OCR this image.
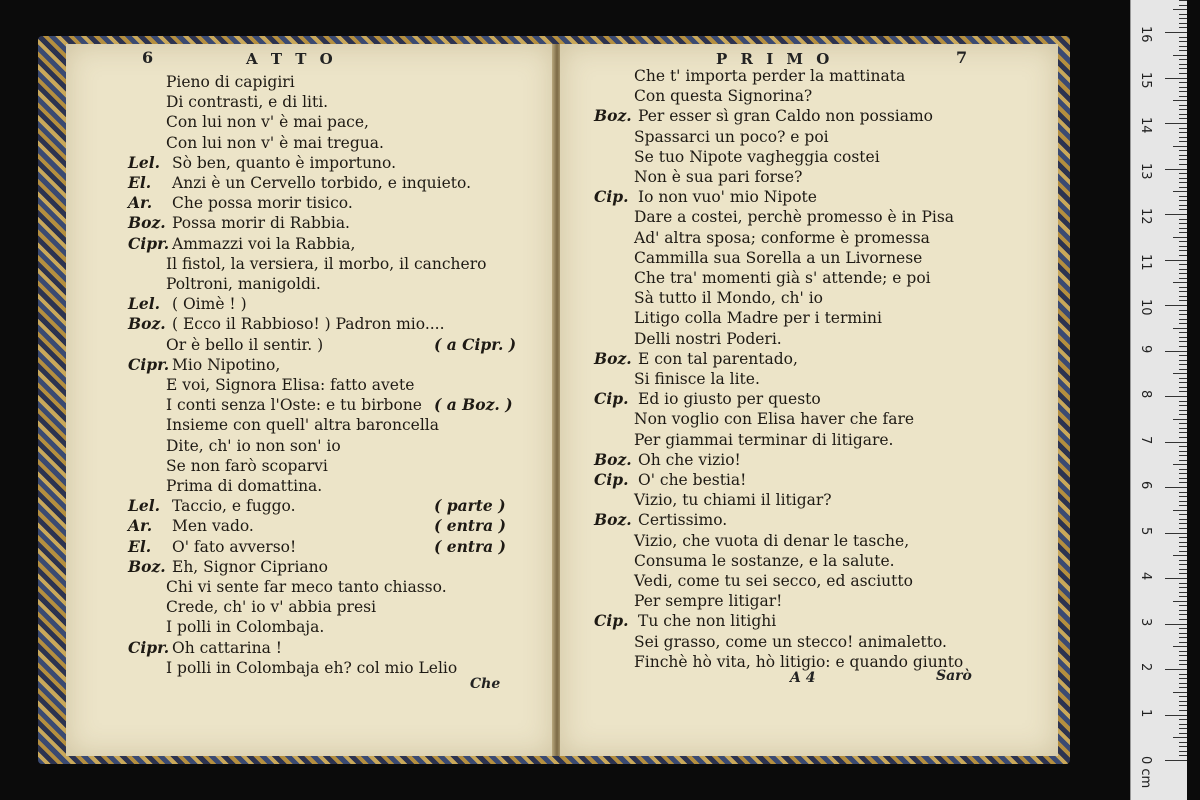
6	A T T O
Che
Pieno di capigiri
Di contrasti, e di liti.
Con lui non v' è mai pace,
Con lui non v' è mai tregua.
Lel. Sò ben, quanto è importuno.
El. Anzi è un Cervello torbido, e inquieto.
Ar. Che possa morir tisico.
Boz. Possa morir di Rabbia.
Cipr. Ammazzi voi la Rabbia,
Il fistol, la versiera, il morbo, il canchero
Poltroni, manigoldi.
Lel. ( Oimè ! )
Boz. ( Ecco il Rabbioso! ) Padron mio....
Or è bello il sentir. )	( a Cipr. )
Cipr. Mio Nipotino,
E voi, Signora Elisa: fatto avete
I conti senza l'Oste: e tu birbone ( a Boz. )
Insieme con quell' altra baroncella
Dite, ch' io non son' io
Se non farò scoparvi
Prima di domattina.
Lel. Taccio, e fuggo.	( parte )
Ar. Men vado.	( entra )
El. O' fato avverso!	( entra )
Boz. Eh, Signor Cipriano
Chi vi sente far meco tanto chiasso.
Crede, ch' io v' abbia presi
I polli in Colombaja.
Cipr. Oh cattarina !
I polli in Colombaja eh? col mio Lelio
P R I M O	7
A 4	Sarò
Che t' importa perder la mattinata
Con questa Signorina?
Boz. Per esser sì gran Caldo non possiamo
Spassarci un poco? e poi
Se tuo Nipote vagheggia costei
Non è sua pari forse?
Cip. Io non vuo' mio Nipote
Dare a costei, perchè promesso è in Pisa
Ad' altra sposa; conforme è promessa
Cammilla sua Sorella a un Livornese
Che tra' momenti già s' attende; e poi
Sà tutto il Mondo, ch' io
Litigo colla Madre per i termini
Delli nostri Poderi.
Boz. E con tal parentado,
Si finisce la lite.
Cip. Ed io giusto per questo
Non voglio con Elisa haver che fare
Per giammai terminar di litigare.
Boz. Oh che vizio!
Cip. O' che bestia!
Vizio, tu chiami il litigar?
Boz. Certissimo.
Vizio, che vuota di denar le tasche,
Consuma le sostanze, e la salute.
Vedi, come tu sei secco, ed asciutto
Per sempre litigar!
Cip. Tu che non litighi
Sei grasso, come un stecco! animaletto.
Finchè hò vita, hò litigio: e quando giunto
0 cm
1
2
3
4
5
6
7
8
9
10
11
12
13
14
15
16
